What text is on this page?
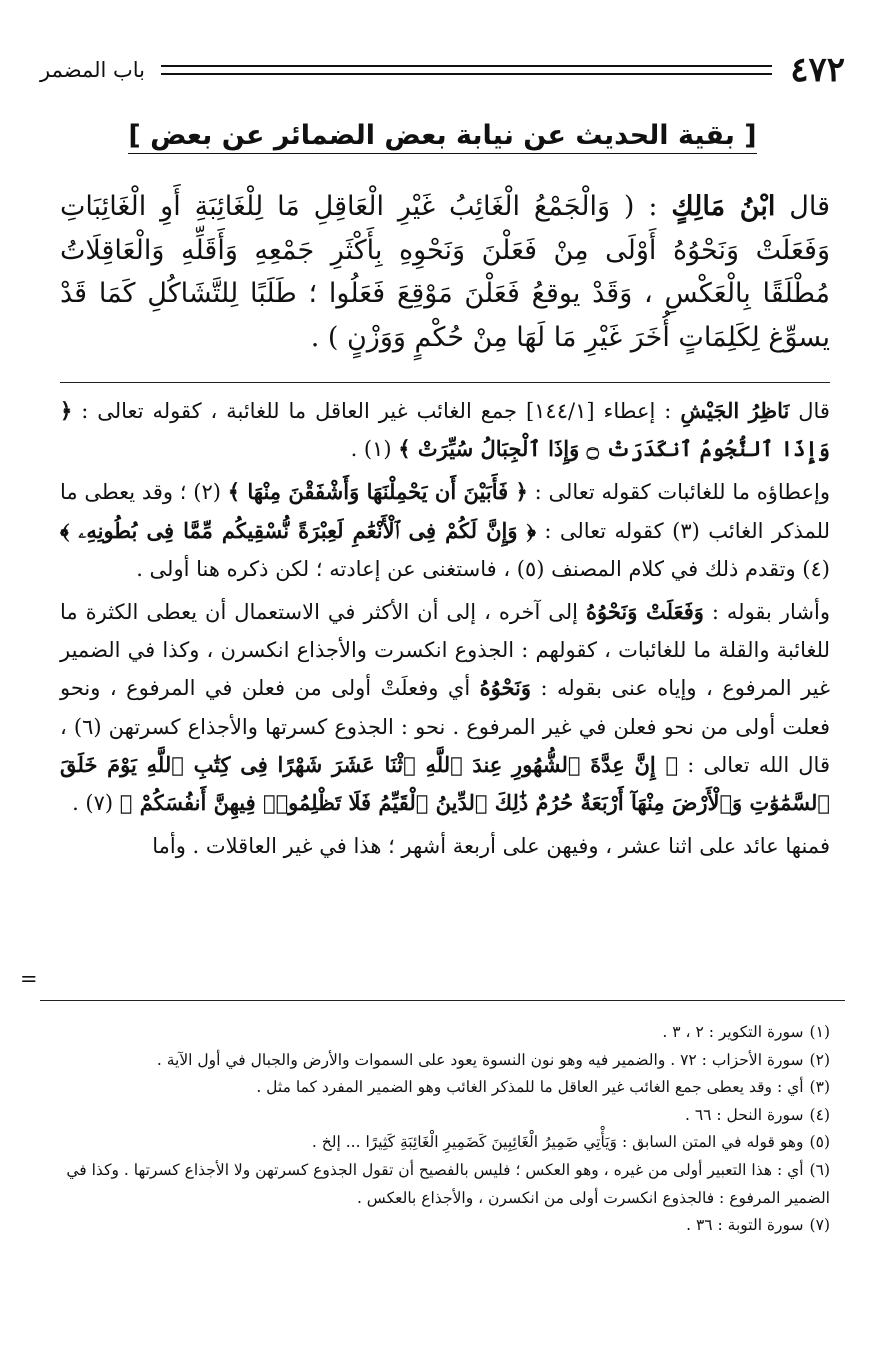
٤٧٢
باب المضمر
[ بقية الحديث عن نيابة بعض الضمائر عن بعض ]
قال ابْنُ مَالِكٍ : ( وَالْجَمْعُ الْغَائِبُ غَيْرِ الْعَاقِلِ مَا لِلْغَائِبَةِ أَوِ الْغَائِبَاتِ وَفَعَلَتْ وَنَحْوُهُ أَوْلَى مِنْ فَعَلْنَ وَنَحْوِهِ بِأَكْثَرِ جَمْعِهِ وَأَقَلِّهِ وَالْعَاقِلَاتُ مُطْلَقًا بِالْعَكْسِ ، وَقَدْ يوقعُ فَعَلْنَ مَوْقِعَ فَعَلُوا ؛ طَلَبًا لِلتَّشَاكُلِ كَمَا قَدْ يسوِّغ لِكَلِمَاتٍ أُخَرَ غَيْرِ مَا لَهَا مِنْ حُكْمٍ وَوَزْنٍ ) .

قال نَاظِرُ الجَيْشِ : إعطاء [١٤٤/١] جمع الغائب غير العاقل ما للغائبة ، كقوله تعالى : ﴿ وَإِذَا ٱلنُّجُومُ ٱنكَدَرَتْ ۝ وَإِذَا ٱلْجِبَالُ سُيِّرَتْ ﴾ (١) .

وإعطاؤه ما للغائبات كقوله تعالى : ﴿ فَأَبَيْنَ أَن يَحْمِلْنَهَا وَأَشْفَقْنَ مِنْهَا ﴾ (٢) ؛ وقد يعطى ما للمذكر الغائب (٣) كقوله تعالى : ﴿ وَإِنَّ لَكُمْ فِى ٱلْأَنْعَٰمِ لَعِبْرَةً نُّسْقِيكُم مِّمَّا فِى بُطُونِهِۦ ﴾ (٤) وتقدم ذلك في كلام المصنف (٥) ، فاستغنى عن إعادته ؛ لكن ذكره هنا أولى .

وأشار بقوله : وَفَعَلَتْ وَنَحْوُهُ إلى آخره ، إلى أن الأكثر في الاستعمال أن يعطى الكثرة ما للغائبة والقلة ما للغائبات ، كقولهم : الجذوع انكسرت والأجذاع انكسرن ، وكذا في الضمير غير المرفوع ، وإياه عنى بقوله : وَنَحْوُهُ أي وفعلَتْ أولى من فعلن في المرفوع ، ونحو فعلت أولى من نحو فعلن في غير المرفوع . نحو : الجذوع كسرتها والأجذاع كسرتهن (٦) ، قال الله تعالى : ﴿ إِنَّ عِدَّةَ ٱلشُّهُورِ عِندَ ٱللَّهِ ٱثْنَا عَشَرَ شَهْرًا فِى كِتَٰبِ ٱللَّهِ يَوْمَ خَلَقَ ٱلسَّمَٰوَٰتِ وَٱلْأَرْضَ مِنْهَآ أَرْبَعَةٌ حُرُمٌ ذَٰلِكَ ٱلدِّينُ ٱلْقَيِّمُ فَلَا تَظْلِمُوا۟ فِيهِنَّ أَنفُسَكُمْ ﴾ (٧) .

فمنها عائد على اثنا عشر ، وفيهن على أربعة أشهر ؛ هذا في غير العاقلات . وأما

=

(١)سورة التكوير : ٢ ، ٣ .

(٢)سورة الأحزاب : ٧٢ . والضمير فيه وهو نون النسوة يعود على السموات والأرض والجبال في أول الآية .

(٣)أي : وقد يعطى جمع الغائب غير العاقل ما للمذكر الغائب وهو الضمير المفرد كما مثل .

(٤)سورة النحل : ٦٦ .

(٥)وهو قوله في المتن السابق : وَيَأْتِي ضَمِيرُ الْغَائِبِينَ كَضَمِيرِ الْغَائِبَةِ كَثِيرًا ... إلخ .

(٦)أي : هذا التعبير أولى من غيره ، وهو العكس ؛ فليس بالفصيح أن تقول الجذوع كسرتهن ولا الأجذاع كسرتها . وكذا في الضمير المرفوع : فالجذوع انكسرت أولى من انكسرن ، والأجذاع بالعكس .

(٧)سورة التوبة : ٣٦ .
